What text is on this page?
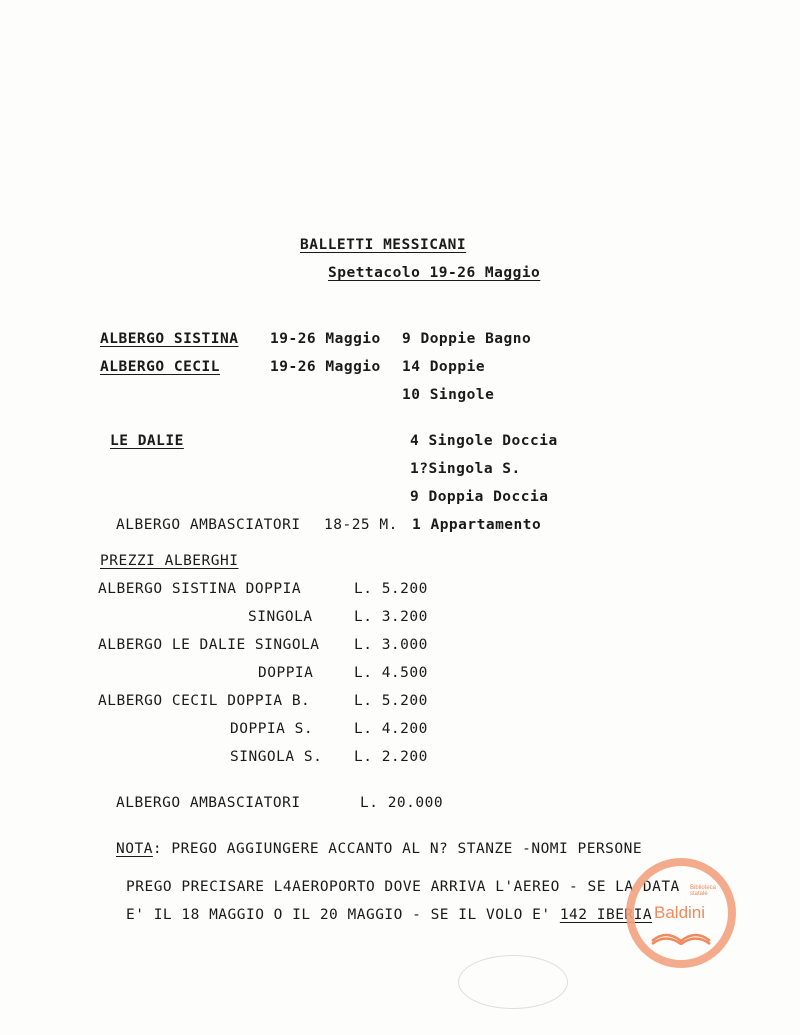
BALLETTI MESSICANI
Spettacolo 19-26 Maggio
ALBERGO SISTINA 19-26 Maggio 9 Doppie Bagno
ALBERGO CECIL	19-26 Maggio 14 Doppie
10 Singole
LE DALIE	4 Singole Doccia
1?Singola S.
9 Doppia Doccia
ALBERGO AMBASCIATORI 18-25 M. 1 Appartamento
PREZZI ALBERGHI
ALBERGO SISTINA DOPPIA	L. 5.200
SINGOLA	L. 3.200
ALBERGO LE DALIE SINGOLA L. 3.000
DOPPIA	L. 4.500
ALBERGO CECIL DOPPIA B.	L. 5.200
DOPPIA S.	L. 4.200
SINGOLA S. L. 2.200
ALBERGO AMBASCIATORI	L. 20.000
NOTA: PREGO AGGIUNGERE ACCANTO AL N? STANZE -NOMI PERSONE
PREGO PRECISARE L4AEROPORTO DOVE ARRIVA L'AEREO - SE LA DATA
E' IL 18 MAGGIO O IL 20 MAGGIO - SE IL VOLO E' 142 IBERIA
Biblioteca
statale
Baldini
